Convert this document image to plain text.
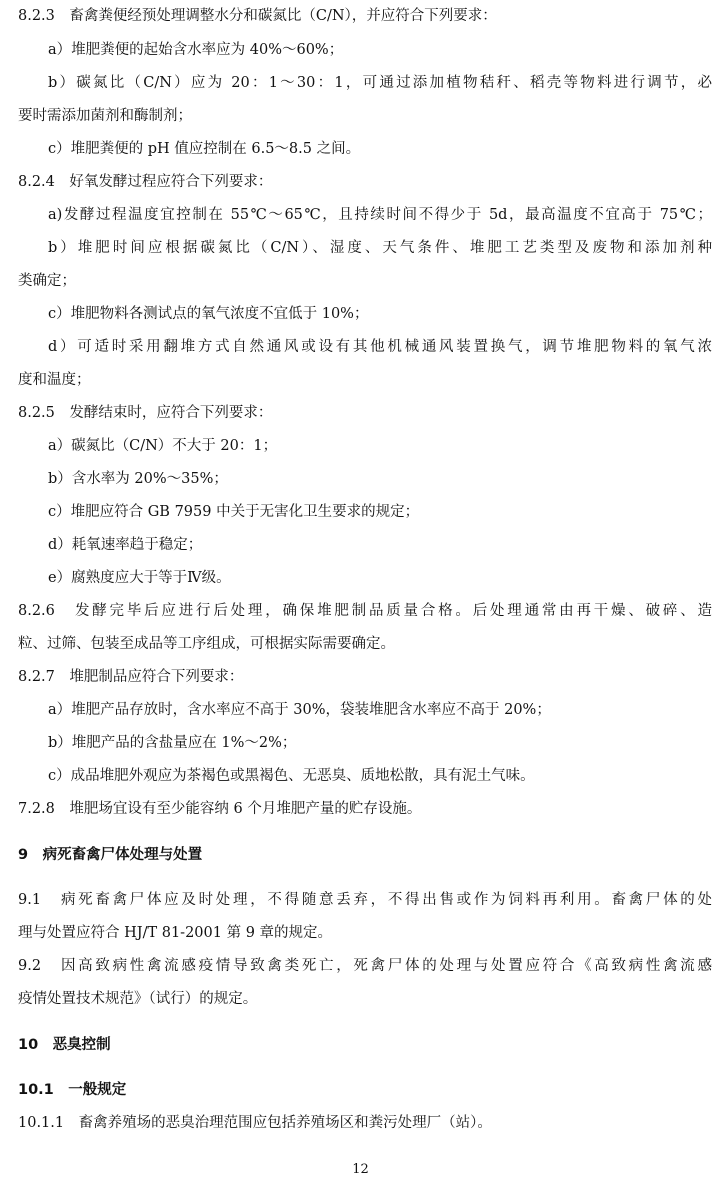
8.2.3　畜禽粪便经预处理调整水分和碳氮比（C/N），并应符合下列要求：
a）堆肥粪便的起始含水率应为 40%～60%；
b）碳氮比（C/N）应为 20：1～30：1，可通过添加植物秸秆、稻壳等物料进行调节，必
要时需添加菌剂和酶制剂；
c）堆肥粪便的 pH 值应控制在 6.5～8.5 之间。
8.2.4　好氧发酵过程应符合下列要求：
a)发酵过程温度宜控制在 55℃～65℃，且持续时间不得少于 5d，最高温度不宜高于 75℃；
b）堆肥时间应根据碳氮比（C/N）、湿度、天气条件、堆肥工艺类型及废物和添加剂种
类确定；
c）堆肥物料各测试点的氧气浓度不宜低于 10%；
d）可适时采用翻堆方式自然通风或设有其他机械通风装置换气，调节堆肥物料的氧气浓
度和温度；
8.2.5　发酵结束时，应符合下列要求：
a）碳氮比（C/N）不大于 20：1；
b）含水率为 20%～35%；
c）堆肥应符合 GB 7959 中关于无害化卫生要求的规定；
d）耗氧速率趋于稳定；
e）腐熟度应大于等于Ⅳ级。
8.2.6　发酵完毕后应进行后处理，确保堆肥制品质量合格。后处理通常由再干燥、破碎、造
粒、过筛、包装至成品等工序组成，可根据实际需要确定。
8.2.7　堆肥制品应符合下列要求：
a）堆肥产品存放时，含水率应不高于 30%，袋装堆肥含水率应不高于 20%；
b）堆肥产品的含盐量应在 1%～2%；
c）成品堆肥外观应为茶褐色或黑褐色、无恶臭、质地松散，具有泥土气味。
7.2.8　堆肥场宜设有至少能容纳 6 个月堆肥产量的贮存设施。
9　病死畜禽尸体处理与处置
9.1　病死畜禽尸体应及时处理，不得随意丢弃，不得出售或作为饲料再利用。畜禽尸体的处
理与处置应符合 HJ/T 81-2001 第 9 章的规定。
9.2　因高致病性禽流感疫情导致禽类死亡，死禽尸体的处理与处置应符合《高致病性禽流感
疫情处置技术规范》（试行）的规定。
10　恶臭控制
10.1　一般规定
10.1.1　畜禽养殖场的恶臭治理范围应包括养殖场区和粪污处理厂（站）。
12
